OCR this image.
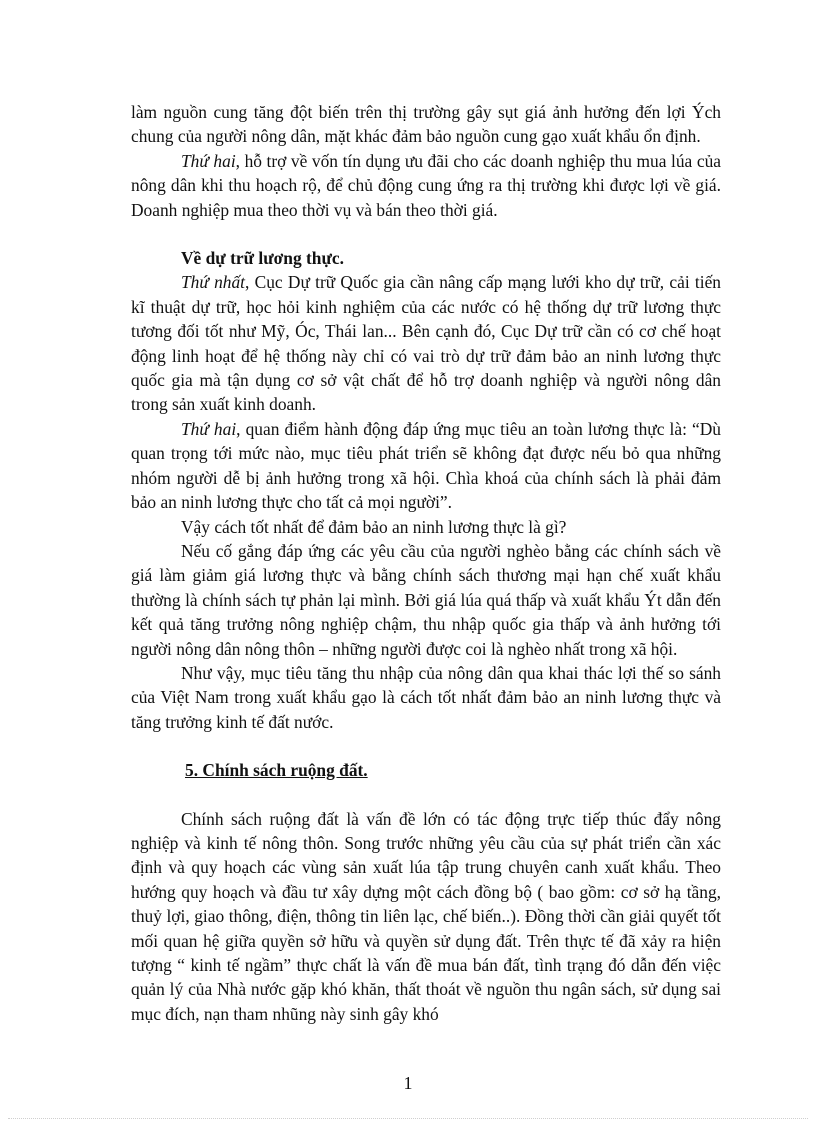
làm nguồn cung tăng đột biến trên thị trường gây sụt giá ảnh hưởng đến lợi Ých chung của người nông dân, mặt khác đảm bảo nguồn cung gạo xuất khẩu ổn định.

Thứ hai, hỗ trợ về vốn tín dụng ưu đãi cho các doanh nghiệp thu mua lúa của nông dân khi thu hoạch rộ, để chủ động cung ứng ra thị trường khi được lợi về giá. Doanh nghiệp mua theo thời vụ và bán theo thời giá.

Về dự trữ lương thực.

Thứ nhất, Cục Dự trữ Quốc gia cần nâng cấp mạng lưới kho dự trữ, cải tiến kĩ thuật dự trữ, học hỏi kinh nghiệm của các nước có hệ thống dự trữ lương thực tương đối tốt như Mỹ, Óc, Thái lan... Bên cạnh đó, Cục Dự trữ cần có cơ chế hoạt động linh hoạt để hệ thống này chỉ có vai trò dự trữ đảm bảo an ninh lương thực quốc gia mà tận dụng cơ sở vật chất để hỗ trợ doanh nghiệp và người nông dân trong sản xuất kinh doanh.

Thứ hai, quan điểm hành động đáp ứng mục tiêu an toàn lương thực là: “Dù quan trọng tới mức nào, mục tiêu phát triển sẽ không đạt được nếu bỏ qua những nhóm người dễ bị ảnh hưởng trong xã hội. Chìa khoá của chính sách là phải đảm bảo an ninh lương thực cho tất cả mọi người”.

Vậy cách tốt nhất để đảm bảo an ninh lương thực là gì?

Nếu cố gắng đáp ứng các yêu cầu của người nghèo bằng các chính sách về giá làm giảm giá lương thực và bằng chính sách thương mại hạn chế xuất khẩu thường là chính sách tự phản lại mình. Bởi giá lúa quá thấp và xuất khẩu Ýt dẫn đến kết quả tăng trưởng nông nghiệp chậm, thu nhập quốc gia thấp và ảnh hưởng tới người nông dân nông thôn – những người được coi là nghèo nhất trong xã hội.

Như vậy, mục tiêu tăng thu nhập của nông dân qua khai thác lợi thế so sánh của Việt Nam trong xuất khẩu gạo là cách tốt nhất đảm bảo an ninh lương thực và tăng trưởng kinh tế đất nước.

5. Chính sách ruộng đất.

Chính sách ruộng đất là vấn đề lớn có tác động trực tiếp thúc đẩy nông nghiệp và kinh tế nông thôn. Song trước những yêu cầu của sự phát triển cần xác định và quy hoạch các vùng sản xuất lúa tập trung chuyên canh xuất khẩu. Theo hướng quy hoạch và đầu tư xây dựng một cách đồng bộ ( bao gồm: cơ sở hạ tầng, thuỷ lợi, giao thông, điện, thông tin liên lạc, chế biến..). Đồng thời cần giải quyết tốt mối quan hệ giữa quyền sở hữu và quyền sử dụng đất. Trên thực tế đã xảy ra hiện tượng “ kinh tế ngầm” thực chất là vấn đề mua bán đất, tình trạng đó dẫn đến việc quản lý của Nhà nước gặp khó khăn, thất thoát về nguồn thu ngân sách, sử dụng sai mục đích, nạn tham nhũng này sinh gây khó

1
